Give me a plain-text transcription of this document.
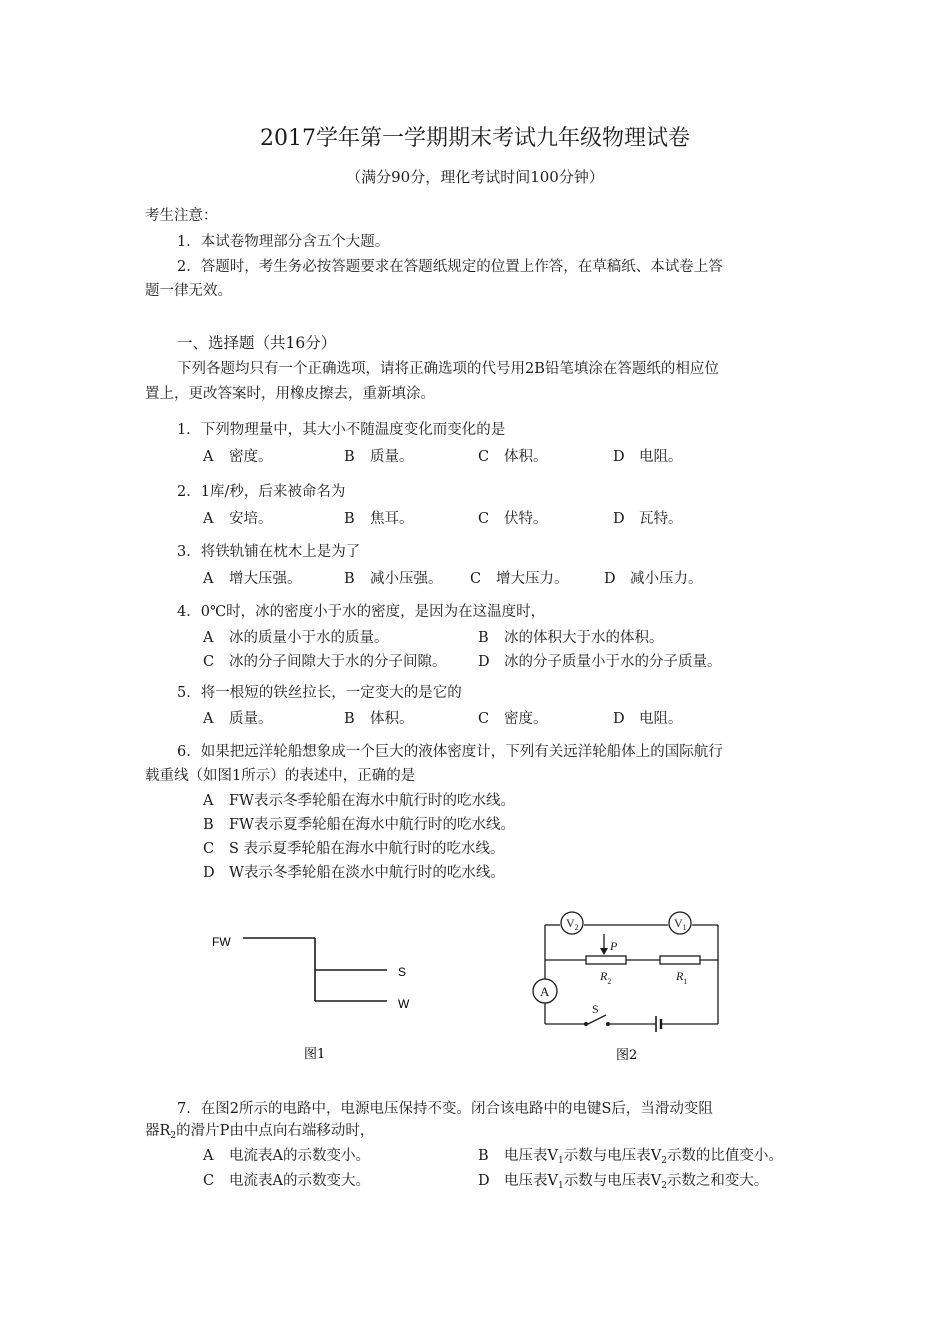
2017学年第一学期期末考试九年级物理试卷
（满分90分，理化考试时间100分钟）
考生注意：
1．本试卷物理部分含五个大题。
2．答题时，考生务必按答题要求在答题纸规定的位置上作答，在草稿纸、本试卷上答
题一律无效。
一、选择题（共16分）
下列各题均只有一个正确选项，请将正确选项的代号用2B铅笔填涂在答题纸的相应位
置上，更改答案时，用橡皮擦去，重新填涂。
1．下列物理量中，其大小不随温度变化而变化的是
A 密度。	B 质量。	C 体积。	D 电阻。
2．1库/秒，后来被命名为
A 安培。	B 焦耳。	C 伏特。	D 瓦特。
3．将铁轨铺在枕木上是为了
A 增大压强。	B 减小压强。 C 增大压力。 D 减小压力。
4．0℃时，冰的密度小于水的密度，是因为在这温度时，
A 冰的质量小于水的质量。	B 冰的体积大于水的体积。
C 冰的分子间隙大于水的分子间隙。 D 冰的分子质量小于水的分子质量。
5．将一根短的铁丝拉长，一定变大的是它的
A 质量。	B 体积。	C 密度。	D 电阻。
6．如果把远洋轮船想象成一个巨大的液体密度计，下列有关远洋轮船体上的国际航行
载重线（如图1所示）的表述中，正确的是
A FW表示冬季轮船在海水中航行时的吃水线。
B FW表示夏季轮船在海水中航行时的吃水线。
C S 表示夏季轮船在海水中航行时的吃水线。
D W表示冬季轮船在淡水中航行时的吃水线。
FW
S
W
图1
$V_2$	$V_1$
P
$R_2$	$R_1$
A
S
图2
7．在图2所示的电路中，电源电压保持不变。闭合该电路中的电键S后，当滑动变阻
器$R_2$的滑片P由中点向右端移动时，
A 电流表A的示数变小。	B 电压表$V_1$示数与电压表$V_2$示数的比值变小。
C 电流表A的示数变大。	D 电压表$V_1$示数与电压表$V_2$示数之和变大。
